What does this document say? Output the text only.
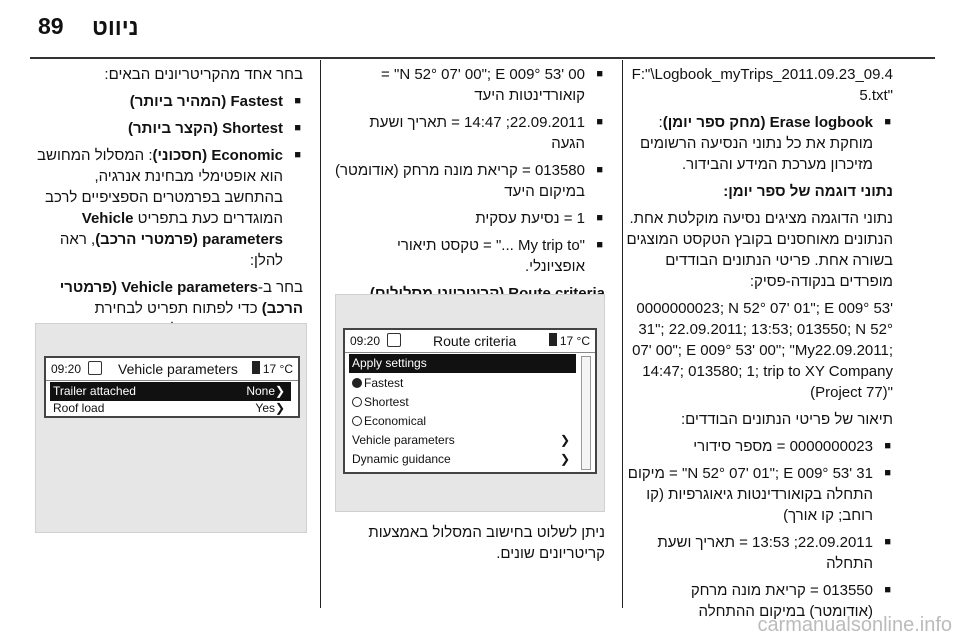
89 ניווט

F:"\Logbook_myTrips_2011.09.23_09.45.txt"

■ Erase logbook (מחק ספר יומן): מוחקת את כל נתוני הנסיעה הרשומים מזיכרון מערכת המידע והבידור.
נתוני דוגמה של ספר יומן:

נתוני הדוגמה מציגים נסיעה מוקלטת אחת. הנתונים מאוחסנים בקובץ הטקסט המוצגים בשורה אחת. פריטי הנתונים הבודדים מופרדים בנקודה-פסיק:

0000000023; N 52° 07' 01"; E 009° 53' 31"; 22.09.2011; 13:53; 013550; N 52° 07' 00"; E 009° 53' 00"; "My22.09.2011; 14:47; 013580; 1; trip to XY Company (Project 77)"

תיאור של פריטי הנתונים הבודדים:

■ 0000000023 = מספר סידורי
■ N 52° 07' 01"; E 009° 53' 31" = מיקום התחלה בקואורדינטות גיאוגרפיות (קו רוחב; קו אורך)
■ 22.09.2011; 13:53 = תאריך ושעת התחלה
■ 013550 = קריאת מונה מרחק (אודומטר) במיקום ההתחלה
■ N 52° 07' 00"; E 009° 53' 00" = קואורדינטות היעד
■ 22.09.2011; 14:47 = תאריך ושעת הגעה
■ 013580 = קריאת מונה מרחק (אודומטר) במיקום היעד
■ 1 = נסיעת עסקית
■ "My trip to ..." = טקסט תיאורי אופציונלי.
09:20	Route criteria	17 °C
Apply settings
Fastest
Shortest
Economical
Vehicle parameters	❯
Dynamic guidance	❯

ניתן לשלוט בחישוב המסלול באמצעות קריטריונים שונים.

בחר אחד מהקריטריונים הבאים:

■ Fastest (המהיר ביותר)
■ Shortest (הקצר ביותר)
■ Economic (חסכוני): המסלול המחושב הוא אופטימלי מבחינת אנרגיה, בהתחשב בפרמטרים הספציפיים לרכב המוגדרים כעת בתפריט Vehicle parameters (פרמטרי הרכב), ראה להלן:

בחר ב-Vehicle parameters (פרמטרי הרכב) כדי לפתוח תפריט לבחירת

09:20	Vehicle parameters 17 °C
Trailer attached	None ❯
Roof load	Yes ❯
carmanualsonline.info
